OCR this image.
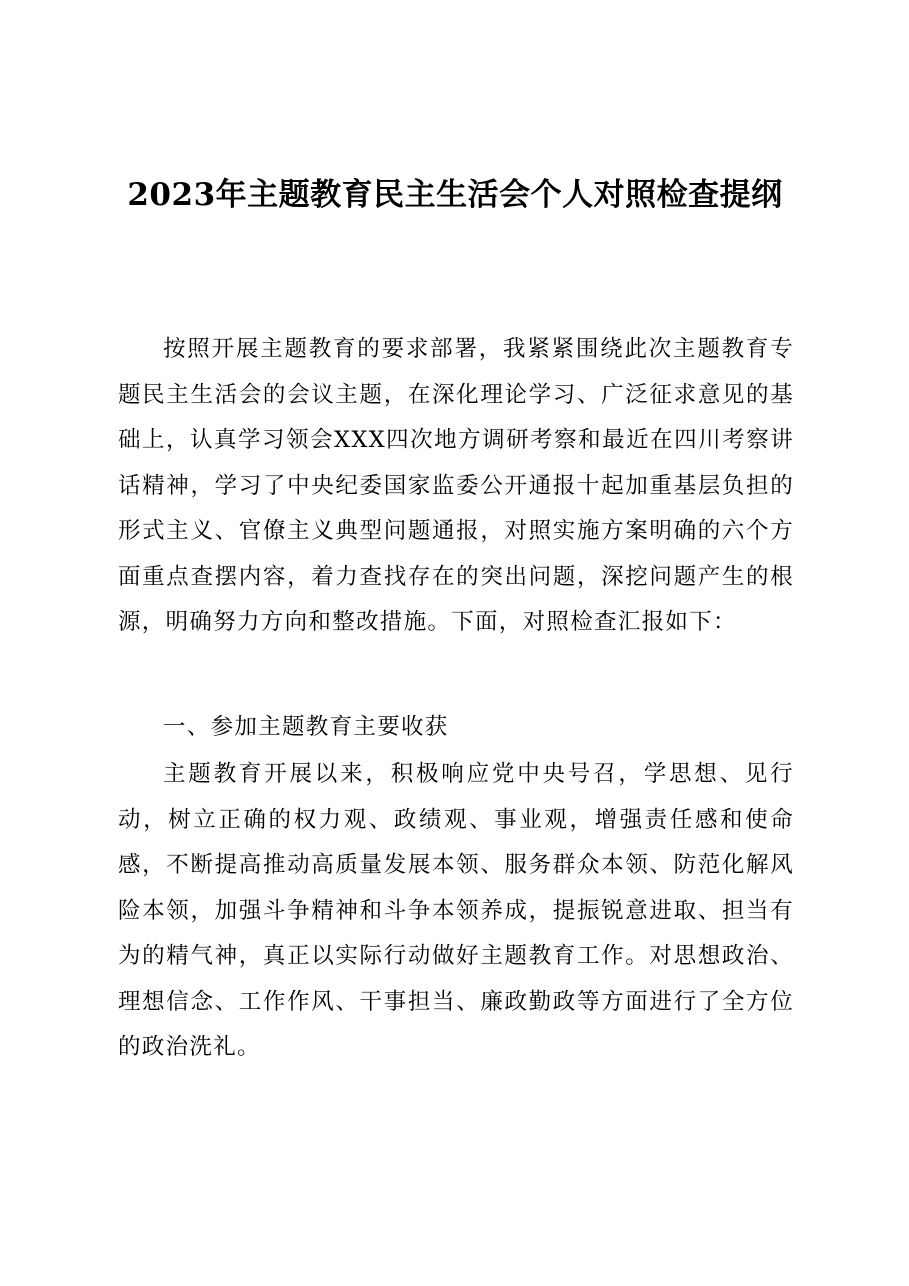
2023年主题教育民主生活会个人对照检查提纲

按照开展主题教育的要求部署，我紧紧围绕此次主题教育专题民主生活会的会议主题，在深化理论学习、广泛征求意见的基础上，认真学习领会XXX四次地方调研考察和最近在四川考察讲话精神，学习了中央纪委国家监委公开通报十起加重基层负担的形式主义、官僚主义典型问题通报，对照实施方案明确的六个方面重点查摆内容，着力查找存在的突出问题，深挖问题产生的根源，明确努力方向和整改措施。下面，对照检查汇报如下：

一、参加主题教育主要收获

主题教育开展以来，积极响应党中央号召，学思想、见行动，树立正确的权力观、政绩观、事业观，增强责任感和使命感，不断提高推动高质量发展本领、服务群众本领、防范化解风险本领，加强斗争精神和斗争本领养成，提振锐意进取、担当有为的精气神，真正以实际行动做好主题教育工作。对思想政治、理想信念、工作作风、干事担当、廉政勤政等方面进行了全方位的政治洗礼。
